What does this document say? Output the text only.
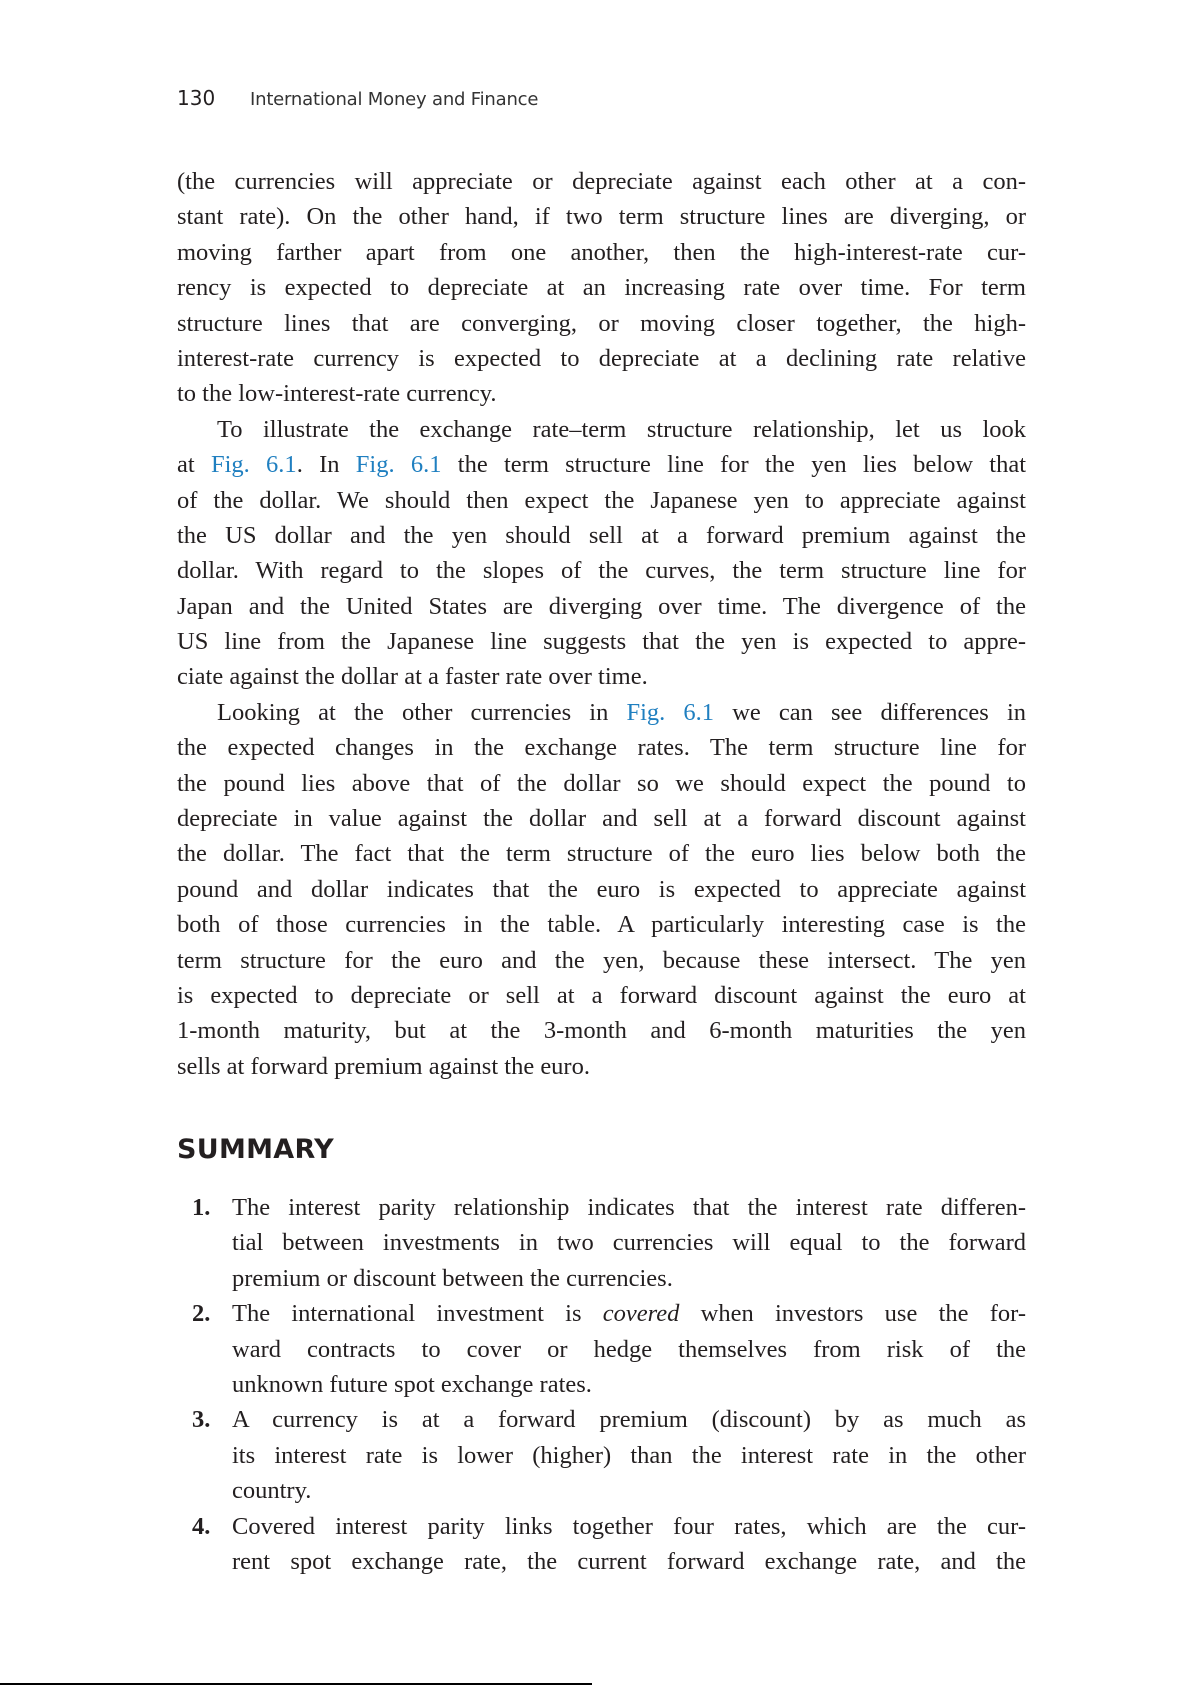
130 International Money and Finance
(the currencies will appreciate or depreciate against each other at a con-
stant rate). On the other hand, if two term structure lines are diverging, or
moving farther apart from one another, then the high-interest-rate cur-
rency is expected to depreciate at an increasing rate over time. For term
structure lines that are converging, or moving closer together, the high-
interest-rate currency is expected to depreciate at a declining rate relative
to the low-interest-rate currency.
To illustrate the exchange rate–term structure relationship, let us look
at Fig. 6.1. In Fig. 6.1 the term structure line for the yen lies below that
of the dollar. We should then expect the Japanese yen to appreciate against
the US dollar and the yen should sell at a forward premium against the
dollar. With regard to the slopes of the curves, the term structure line for
Japan and the United States are diverging over time. The divergence of the
US line from the Japanese line suggests that the yen is expected to appre-
ciate against the dollar at a faster rate over time.
Looking at the other currencies in Fig. 6.1 we can see differences in
the expected changes in the exchange rates. The term structure line for
the pound lies above that of the dollar so we should expect the pound to
depreciate in value against the dollar and sell at a forward discount against
the dollar. The fact that the term structure of the euro lies below both the
pound and dollar indicates that the euro is expected to appreciate against
both of those currencies in the table. A particularly interesting case is the
term structure for the euro and the yen, because these intersect. The yen
is expected to depreciate or sell at a forward discount against the euro at
1-month maturity, but at the 3-month and 6-month maturities the yen
sells at forward premium against the euro.
SUMMARY
1. The interest parity relationship indicates that the interest rate differen-
tial between investments in two currencies will equal to the forward
premium or discount between the currencies.
2. The international investment is covered when investors use the for-
ward contracts to cover or hedge themselves from risk of the
unknown future spot exchange rates.
3. A currency is at a forward premium (discount) by as much as
its interest rate is lower (higher) than the interest rate in the other
country.
4. Covered interest parity links together four rates, which are the cur-
rent spot exchange rate, the current forward exchange rate, and the
